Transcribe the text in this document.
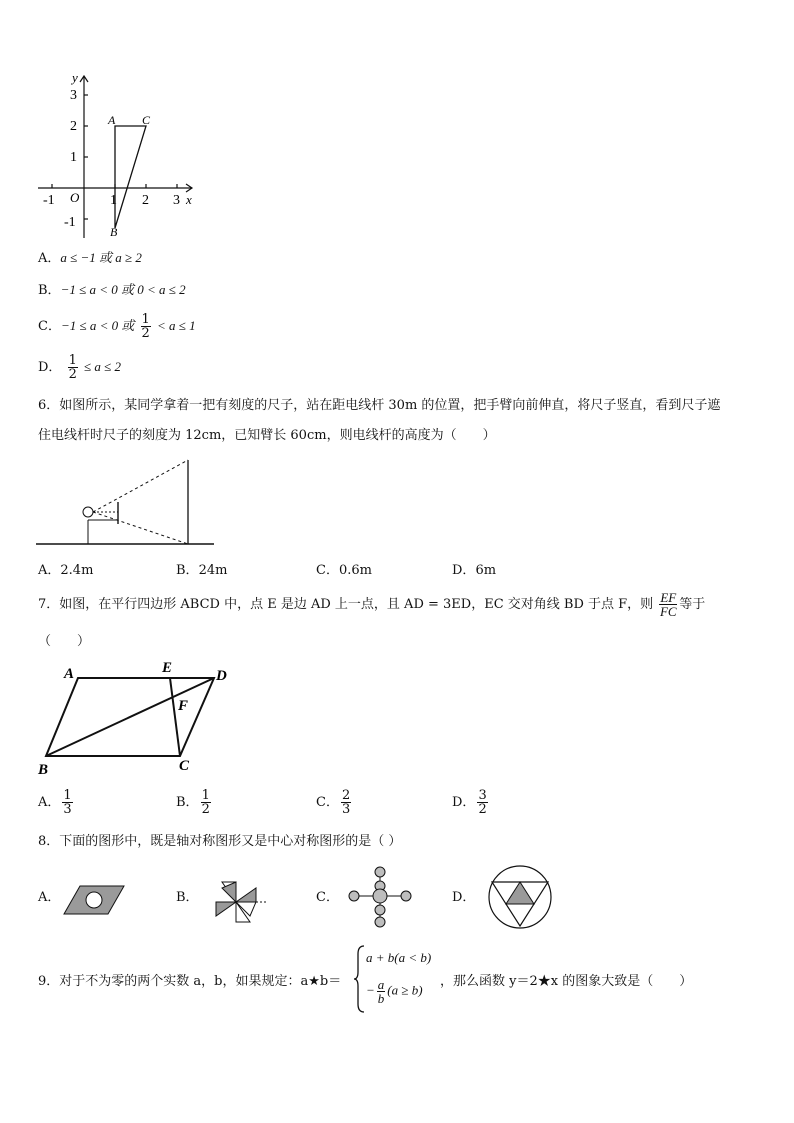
y
x
O
3
2
1
-1
-1	1 2 3
A C
B
A．a ≤ −1 或 a ≥ 2
B．−1 ≤ a < 0 或 0 < a ≤ 2
C．−1 ≤ a < 0 或 $\frac{1}{2} < a \le 1$
D． $\frac{1}{2} \le a \le 2$
6．如图所示，某同学拿着一把有刻度的尺子，站在距电线杆 30m 的位置，把手臂向前伸直，将尺子竖直，看到尺子遮
住电线杆时尺子的刻度为 12cm，已知臂长 60cm，则电线杆的高度为（　　）
A．2.4m	B．24m	C．0.6m	D．6m
7．如图，在平行四边形 ABCD 中，点 E 是边 AD 上一点，且 AD = 3ED，EC 交对角线 BD 于点 F，则 $\frac{EF}{FC}$ 等于
（　　）
A	E	D
F
B	C
A． $\frac{1}{3}$	B． $\frac{1}{2}$	C． $\frac{2}{3}$	D． $\frac{3}{2}$
8．下面的图形中，既是轴对称图形又是中心对称图形的是（ ）
A．	B．	C．	D．
9．对于不为零的两个实数 a，b，如果规定：a★b＝
a + b(a < b)
− $\frac{a}{b} (a \ge b)$
，那么函数 y＝2★x 的图象大致是（　　）
